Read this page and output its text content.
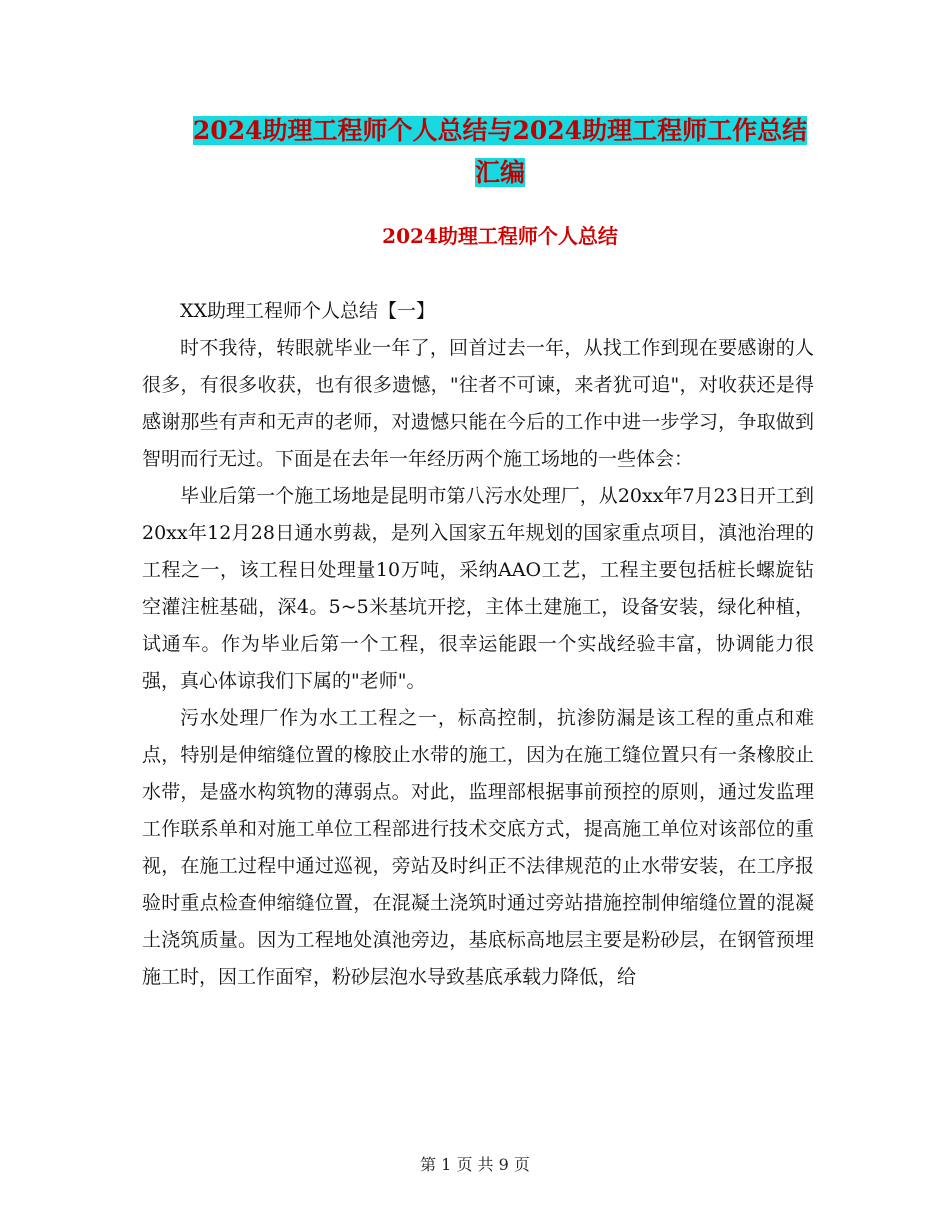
2024助理工程师个人总结与2024助理工程师工作总结
汇编
2024助理工程师个人总结

XX助理工程师个人总结【一】

时不我待，转眼就毕业一年了，回首过去一年，从找工作到现在要感谢的人很多，有很多收获，也有很多遗憾，"往者不可谏，来者犹可追"，对收获还是得感谢那些有声和无声的老师，对遗憾只能在今后的工作中进一步学习，争取做到智明而行无过。下面是在去年一年经历两个施工场地的一些体会：

毕业后第一个施工场地是昆明市第八污水处理厂，从20xx年7月23日开工到20xx年12月28日通水剪裁，是列入国家五年规划的国家重点项目，滇池治理的工程之一，该工程日处理量10万吨，采纳AAO工艺，工程主要包括桩长螺旋钻空灌注桩基础，深4。5~5米基坑开挖，主体土建施工，设备安装，绿化种植，试通车。作为毕业后第一个工程，很幸运能跟一个实战经验丰富，协调能力很强，真心体谅我们下属的"老师"。

污水处理厂作为水工工程之一，标高控制，抗渗防漏是该工程的重点和难点，特别是伸缩缝位置的橡胶止水带的施工，因为在施工缝位置只有一条橡胶止水带，是盛水构筑物的薄弱点。对此，监理部根据事前预控的原则，通过发监理工作联系单和对施工单位工程部进行技术交底方式，提高施工单位对该部位的重视，在施工过程中通过巡视，旁站及时纠正不法律规范的止水带安装，在工序报验时重点检查伸缩缝位置，在混凝土浇筑时通过旁站措施控制伸缩缝位置的混凝土浇筑质量。因为工程地处滇池旁边，基底标高地层主要是粉砂层，在钢管预埋施工时，因工作面窄，粉砂层泡水导致基底承载力降低，给

第 1 页 共 9 页
